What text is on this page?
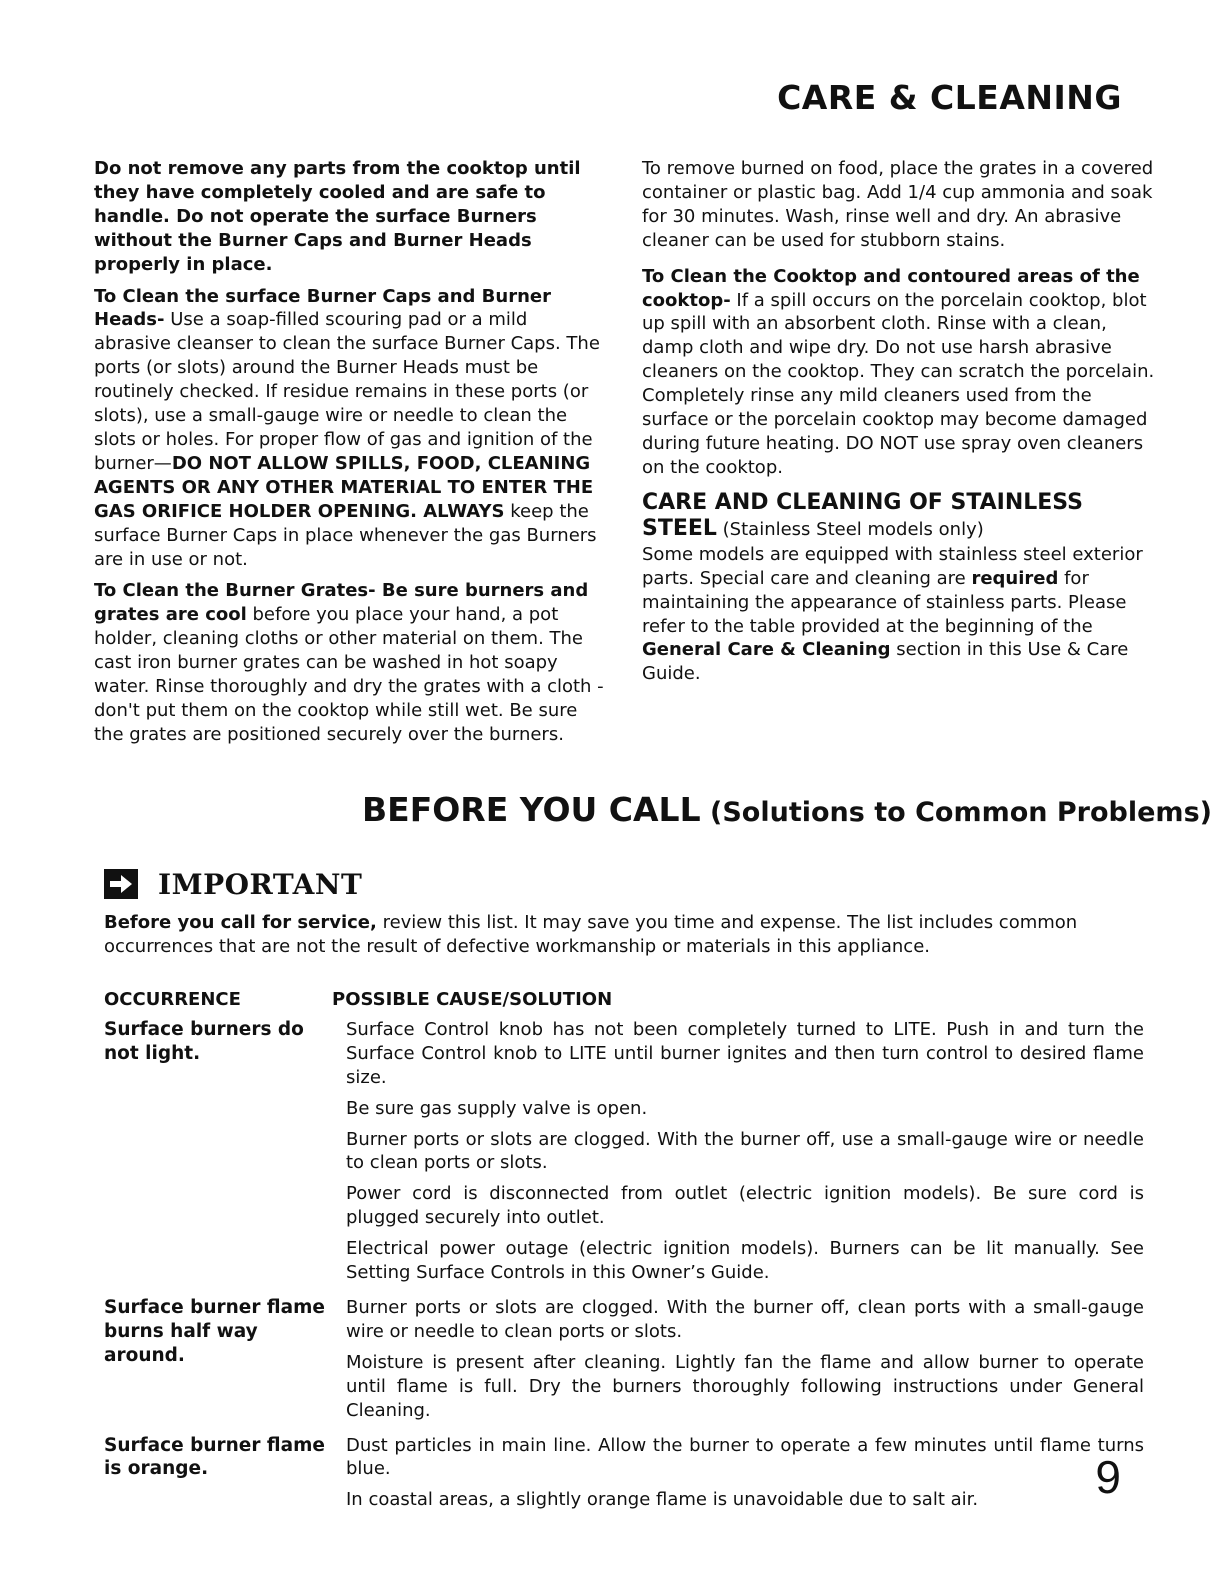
CARE & CLEANING

Do not remove any parts from the cooktop until they have completely cooled and are safe to handle. Do not operate the surface Burners without the Burner Caps and Burner Heads properly in place.

To Clean the surface Burner Caps and Burner Heads- Use a soap-filled scouring pad or a mild abrasive cleanser to clean the surface Burner Caps. The ports (or slots) around the Burner Heads must be routinely checked. If residue remains in these ports (or slots), use a small-gauge wire or needle to clean the slots or holes. For proper flow of gas and ignition of the burner—DO NOT ALLOW SPILLS, FOOD, CLEANING AGENTS OR ANY OTHER MATERIAL TO ENTER THE GAS ORIFICE HOLDER OPENING. ALWAYS keep the surface Burner Caps in place whenever the gas Burners are in use or not.

To Clean the Burner Grates- Be sure burners and grates are cool before you place your hand, a pot holder, cleaning cloths or other material on them. The cast iron burner grates can be washed in hot soapy water. Rinse thoroughly and dry the grates with a cloth - don't put them on the cooktop while still wet. Be sure the grates are positioned securely over the burners.

To remove burned on food, place the grates in a covered container or plastic bag. Add 1/4 cup ammonia and soak for 30 minutes. Wash, rinse well and dry. An abrasive cleaner can be used for stubborn stains.

To Clean the Cooktop and contoured areas of the cooktop- If a spill occurs on the porcelain cooktop, blot up spill with an absorbent cloth. Rinse with a clean, damp cloth and wipe dry. Do not use harsh abrasive cleaners on the cooktop. They can scratch the porcelain. Completely rinse any mild cleaners used from the surface or the porcelain cooktop may become damaged during future heating. DO NOT use spray oven cleaners on the cooktop.

CARE AND CLEANING OF STAINLESS STEEL (Stainless Steel models only)

Some models are equipped with stainless steel exterior parts. Special care and cleaning are required for maintaining the appearance of stainless parts. Please refer to the table provided at the beginning of the General Care & Cleaning section in this Use & Care Guide.

BEFORE YOU CALL (Solutions to Common Problems)
IMPORTANT
Before you call for service, review this list. It may save you time and expense. The list includes common occurrences that are not the result of defective workmanship or materials in this appliance.
OCCURRENCE	POSSIBLE CAUSE/SOLUTION
Surface burners do not light.

Surface Control knob has not been completely turned to LITE. Push in and turn the Surface Control knob to LITE until burner ignites and then turn control to desired flame size.

Be sure gas supply valve is open.

Burner ports or slots are clogged. With the burner off, use a small-gauge wire or needle to clean ports or slots.

Power cord is disconnected from outlet (electric ignition models). Be sure cord is plugged securely into outlet.

Electrical power outage (electric ignition models). Burners can be lit manually. See Setting Surface Controls in this Owner’s Guide.

Surface burner flame burns half way around.

Burner ports or slots are clogged. With the burner off, clean ports with a small-gauge wire or needle to clean ports or slots.

Moisture is present after cleaning. Lightly fan the flame and allow burner to operate until flame is full. Dry the burners thoroughly following instructions under General Cleaning.

Surface burner flame is orange.

Dust particles in main line. Allow the burner to operate a few minutes until flame turns blue.

In coastal areas, a slightly orange flame is unavoidable due to salt air.	9
